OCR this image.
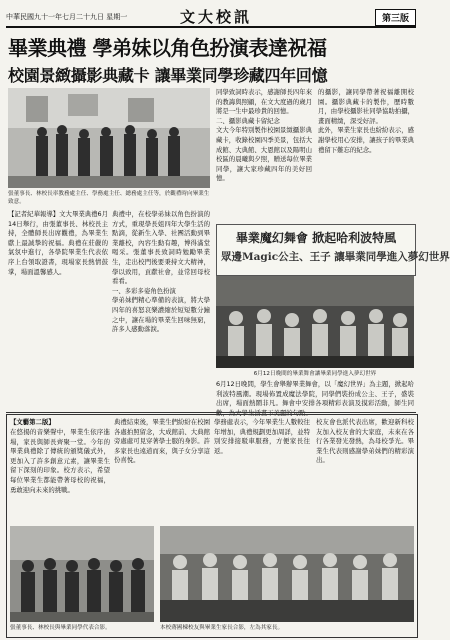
中華民國九十一年七月二十九日 星期一	文大校訊	第三版
畢業典禮 學弟妹以角色扮演表達祝福
校園景緻攝影典藏卡 讓畢業同學珍藏四年回憶
張董事長、林校長率教務處主任、學務處主任、總務處主任等，於觀禮時向畢業生致意。
【記者紀華報導】文大畢業典禮6月14日舉行，由張董事長、林校長主持，全體師長出席觀禮，為畢業生獻上最誠摯的祝福。典禮在莊嚴的氣氛中進行，各學院畢業生代表依序上台領取證書，現場家長熱情鼓掌，場面溫馨感人。
典禮中，在校學弟妹以角色扮演的方式，重現學長姐四年大學生活的點滴，從新生入學、社團活動到畢業離校，內容生動有趣，博得滿堂喝采。張董事長致詞時勉勵畢業生，走出校門後要秉持文大精神，學以致用，貢獻社會，並常回母校看看。
一、多彩多姿角色扮演
學弟妹們精心準備的表演，將大學四年的喜怒哀樂濃縮於短短數分鐘之中，讓在場的畢業生回味無窮，許多人感動落淚。
同學致詞時表示，感謝師長四年來的教誨與照顧，在文大度過的歲月將是一生中最珍貴的回憶。
二、攝影典藏卡留紀念
文大今年特別製作校園景緻攝影典藏卡，收錄校園四季美景，包括大成館、大典館、大恩館以及陽明山校區的晨曦與夕照，贈送每位畢業同學，讓大家珍藏四年的美好回憶。
的攝影，讓同學帶著祝福離開校園。攝影典藏卡的製作，歷時數月，由學校攝影社同學協助拍攝，畫面精緻，深受好評。
此外，畢業生家長也紛紛表示，感謝學校用心安排，讓孩子的畢業典禮留下難忘的紀念。
畢業魔幻舞會 掀起哈利波特風
眾邊Magic公主、王子 讓畢業同學進入夢幻世界
6月12日晚間的畢業舞會讓畢業同學進入夢幻世界
6月12日晚間，學生會舉辦畢業舞會，以「魔幻世界」為主題，掀起哈利波特風潮。現場佈置成魔法學院，同學們裝扮成公主、王子，盛裝出席，場面熱鬧非凡。舞會中安排各項精彩表演及摸彩活動，師生同歡，為大學生活畫下美麗的句點。
【文藝第二版】
在悠揚的音樂聲中，畢業生依序進場，家長與師長齊聚一堂。今年的畢業典禮除了傳統的頒獎儀式外，更加入了許多創意元素，讓畢業生留下深刻的印象。校方表示，希望每位畢業生都能帶著母校的祝福，勇敢迎向未來的挑戰。
典禮結束後，畢業生們紛紛在校園各處拍照留念，大成館前、大典館旁處處可見穿著學士服的身影。許多家長也遠道而來，與子女分享這份喜悅。
學務處表示，今年畢業生人數較往年增加，典禮規劃更加周詳，並特別安排接駁車服務，方便家長往返。
校友會也派代表出席，歡迎新科校友加入校友會的大家庭，未來在各行各業發光發熱，為母校爭光。畢業生代表則感謝學弟妹們的精彩演出。
張董事長、林校長與畢業同學代表合影。	本校蔣國棟校友與畢業生家長合影，左為其家長。
